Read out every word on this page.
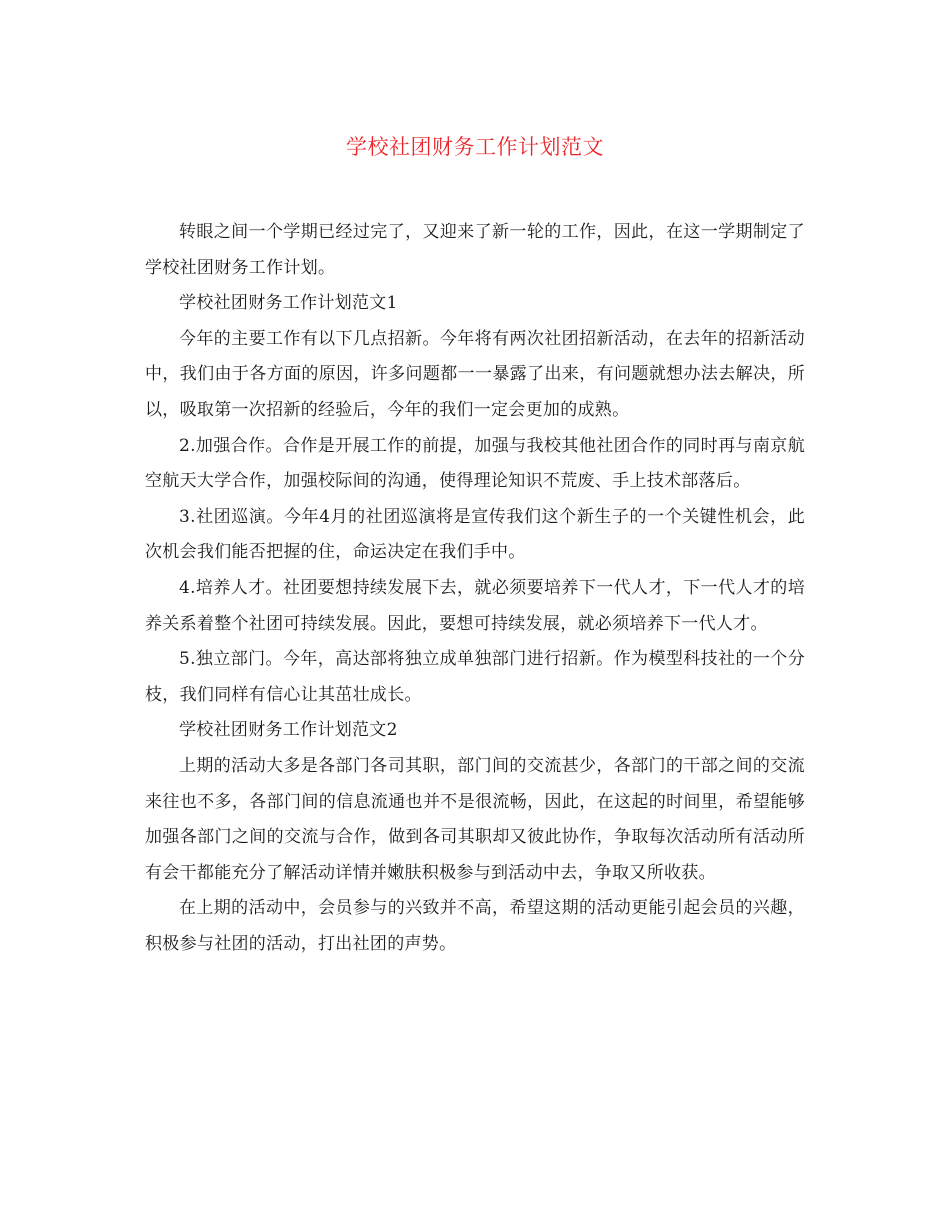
学校社团财务工作计划范文

转眼之间一个学期已经过完了，又迎来了新一轮的工作，因此，在这一学期制定了学校社团财务工作计划。

学校社团财务工作计划范文1

今年的主要工作有以下几点招新。今年将有两次社团招新活动，在去年的招新活动中，我们由于各方面的原因，许多问题都一一暴露了出来，有问题就想办法去解决，所以，吸取第一次招新的经验后，今年的我们一定会更加的成熟。

2.加强合作。合作是开展工作的前提，加强与我校其他社团合作的同时再与南京航空航天大学合作，加强校际间的沟通，使得理论知识不荒废、手上技术部落后。

3.社团巡演。今年4月的社团巡演将是宣传我们这个新生子的一个关键性机会，此次机会我们能否把握的住，命运决定在我们手中。

4.培养人才。社团要想持续发展下去，就必须要培养下一代人才，下一代人才的培养关系着整个社团可持续发展。因此，要想可持续发展，就必须培养下一代人才。

5.独立部门。今年，高达部将独立成单独部门进行招新。作为模型科技社的一个分枝，我们同样有信心让其茁壮成长。

学校社团财务工作计划范文2

上期的活动大多是各部门各司其职，部门间的交流甚少，各部门的干部之间的交流来往也不多，各部门间的信息流通也并不是很流畅，因此，在这起的时间里，希望能够加强各部门之间的交流与合作，做到各司其职却又彼此协作，争取每次活动所有活动所有会干都能充分了解活动详情并嫩肤积极参与到活动中去，争取又所收获。

在上期的活动中，会员参与的兴致并不高，希望这期的活动更能引起会员的兴趣，积极参与社团的活动，打出社团的声势。
